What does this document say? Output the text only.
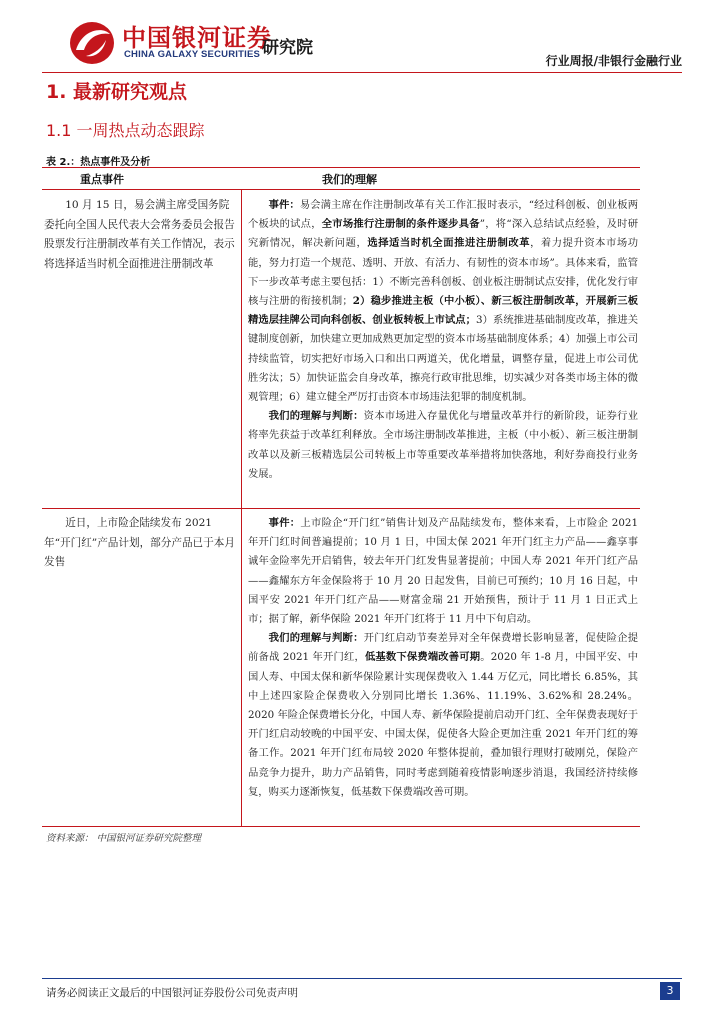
中国银河证券
CHINA GALAXY SECURITIES 研究院
行业周报/非银行金融行业
1. 最新研究观点
1.1 一周热点动态跟踪
表 2.：热点事件及分析
重点事件	我们的理解
10 月 15 日，易会满主席受国务院委托向全国人民代表大会常务委员会报告股票发行注册制改革有关工作情况，表示将选择适当时机全面推进注册制改革

事件：易会满主席在作注册制改革有关工作汇报时表示，“经过科创板、创业板两个板块的试点，全市场推行注册制的条件逐步具备”，将“深入总结试点经验，及时研究新情况，解决新问题，选择适当时机全面推进注册制改革，着力提升资本市场功能，努力打造一个规范、透明、开放、有活力、有韧性的资本市场”。具体来看，监管下一步改革考虑主要包括：1）不断完善科创板、创业板注册制试点安排，优化发行审核与注册的衔接机制；2）稳步推进主板（中小板）、新三板注册制改革，开展新三板精选层挂牌公司向科创板、创业板转板上市试点；3）系统推进基础制度改革，推进关键制度创新，加快建立更加成熟更加定型的资本市场基础制度体系；4）加强上市公司持续监管，切实把好市场入口和出口两道关，优化增量，调整存量，促进上市公司优胜劣汰；5）加快证监会自身改革，擦亮行政审批思维，切实减少对各类市场主体的微观管理；6）建立健全严厉打击资本市场违法犯罪的制度机制。

我们的理解与判断：资本市场进入存量优化与增量改革并行的新阶段，证券行业将率先获益于改革红利释放。全市场注册制改革推进，主板（中小板）、新三板注册制改革以及新三板精选层公司转板上市等重要改革举措将加快落地，利好券商投行业务发展。

近日，上市险企陆续发布 2021 年“开门红”产品计划，部分产品已于本月发售

事件：上市险企“开门红”销售计划及产品陆续发布，整体来看，上市险企 2021 年开门红时间普遍提前；10 月 1 日，中国太保 2021 年开门红主力产品——鑫享事诚年金险率先开启销售，较去年开门红发售显著提前；中国人寿 2021 年开门红产品——鑫耀东方年金保险将于 10 月 20 日起发售，目前已可预约；10 月 16 日起，中国平安 2021 年开门红产品——财富金瑞 21 开始预售，预计于 11 月 1 日正式上市；据了解，新华保险 2021 年开门红将于 11 月中下旬启动。

我们的理解与判断：开门红启动节奏差异对全年保费增长影响显著，促使险企提前备战 2021 年开门红，低基数下保费端改善可期。2020 年 1-8 月，中国平安、中国人寿、中国太保和新华保险累计实现保费收入 1.44 万亿元，同比增长 6.85%，其中上述四家险企保费收入分别同比增长 1.36%、11.19%、3.62%和 28.24%。2020 年险企保费增长分化，中国人寿、新华保险提前启动开门红、全年保费表现好于开门红启动较晚的中国平安、中国太保，促使各大险企更加注重 2021 年开门红的筹备工作。2021 年开门红布局较 2020 年整体提前，叠加银行理财打破刚兑，保险产品竞争力提升，助力产品销售，同时考虑到随着疫情影响逐步消退，我国经济持续修复，购买力逐渐恢复，低基数下保费端改善可期。

资料来源： 中国银河证券研究院整理
请务必阅读正文最后的中国银河证券股份公司免责声明	3
